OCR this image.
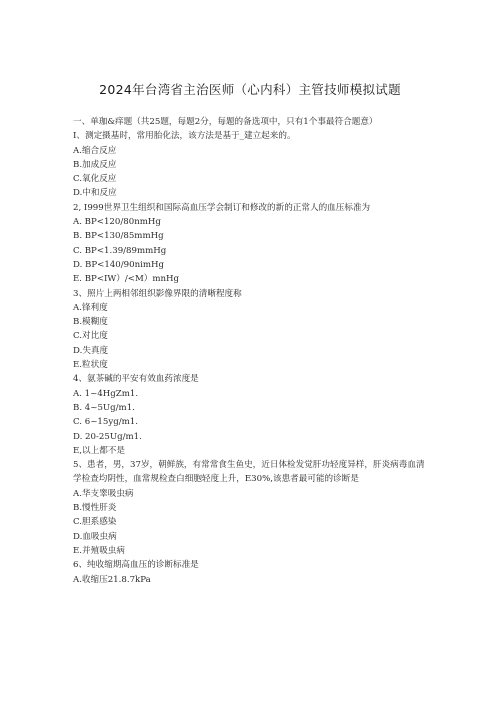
2024年台湾省主治医师（心内科）主管技师模拟试题
一、单珈&痒题（共25题，每题2分，每题的备选项中，只有1个事最符合题意）
I、测定摄基时，常用胎化法，该方法是基于_建立起来的。
A.缩合反应
B.加成反应
C.氧化反应
D.中和反应
2, I999世界卫生组织和国际高血压学会制订和修改的新的正常人的血压标准为
A. BP<120/80nmHg
B. BP<130/85mmHg
C. BP<1.39/89mmHg
D. BP<140/90nimHg
E. BP<IW）/<M）mnHg
3、照片上两相邻组织影像界限的清晰程度称
A.锋利度
B.模糊度
C.对比度
D.失真度
E.粒状度
4、氨茶碱的平安有效血药浓度是
A. 1~4HgZm1.
B. 4~5Ug/m1.
C. 6~15yg/m1.
D. 20-25Ug/m1.
E,以上都不是
5、患者，男，37岁，朝鲜族，有常常食生鱼史，近日体检发觉肝功轻度异样，肝炎病毒血清学检查均阴性，血常规检查白细胞轻度上升，E30%,该患者最可能的诊断是
A.华支睾吸虫病
B.慢性肝炎
C.胆系感染
D.血吸虫病
E.并殖吸虫病
6、纯收缩期高血压的诊断标准是
A.收缩压21.8.7kPa
